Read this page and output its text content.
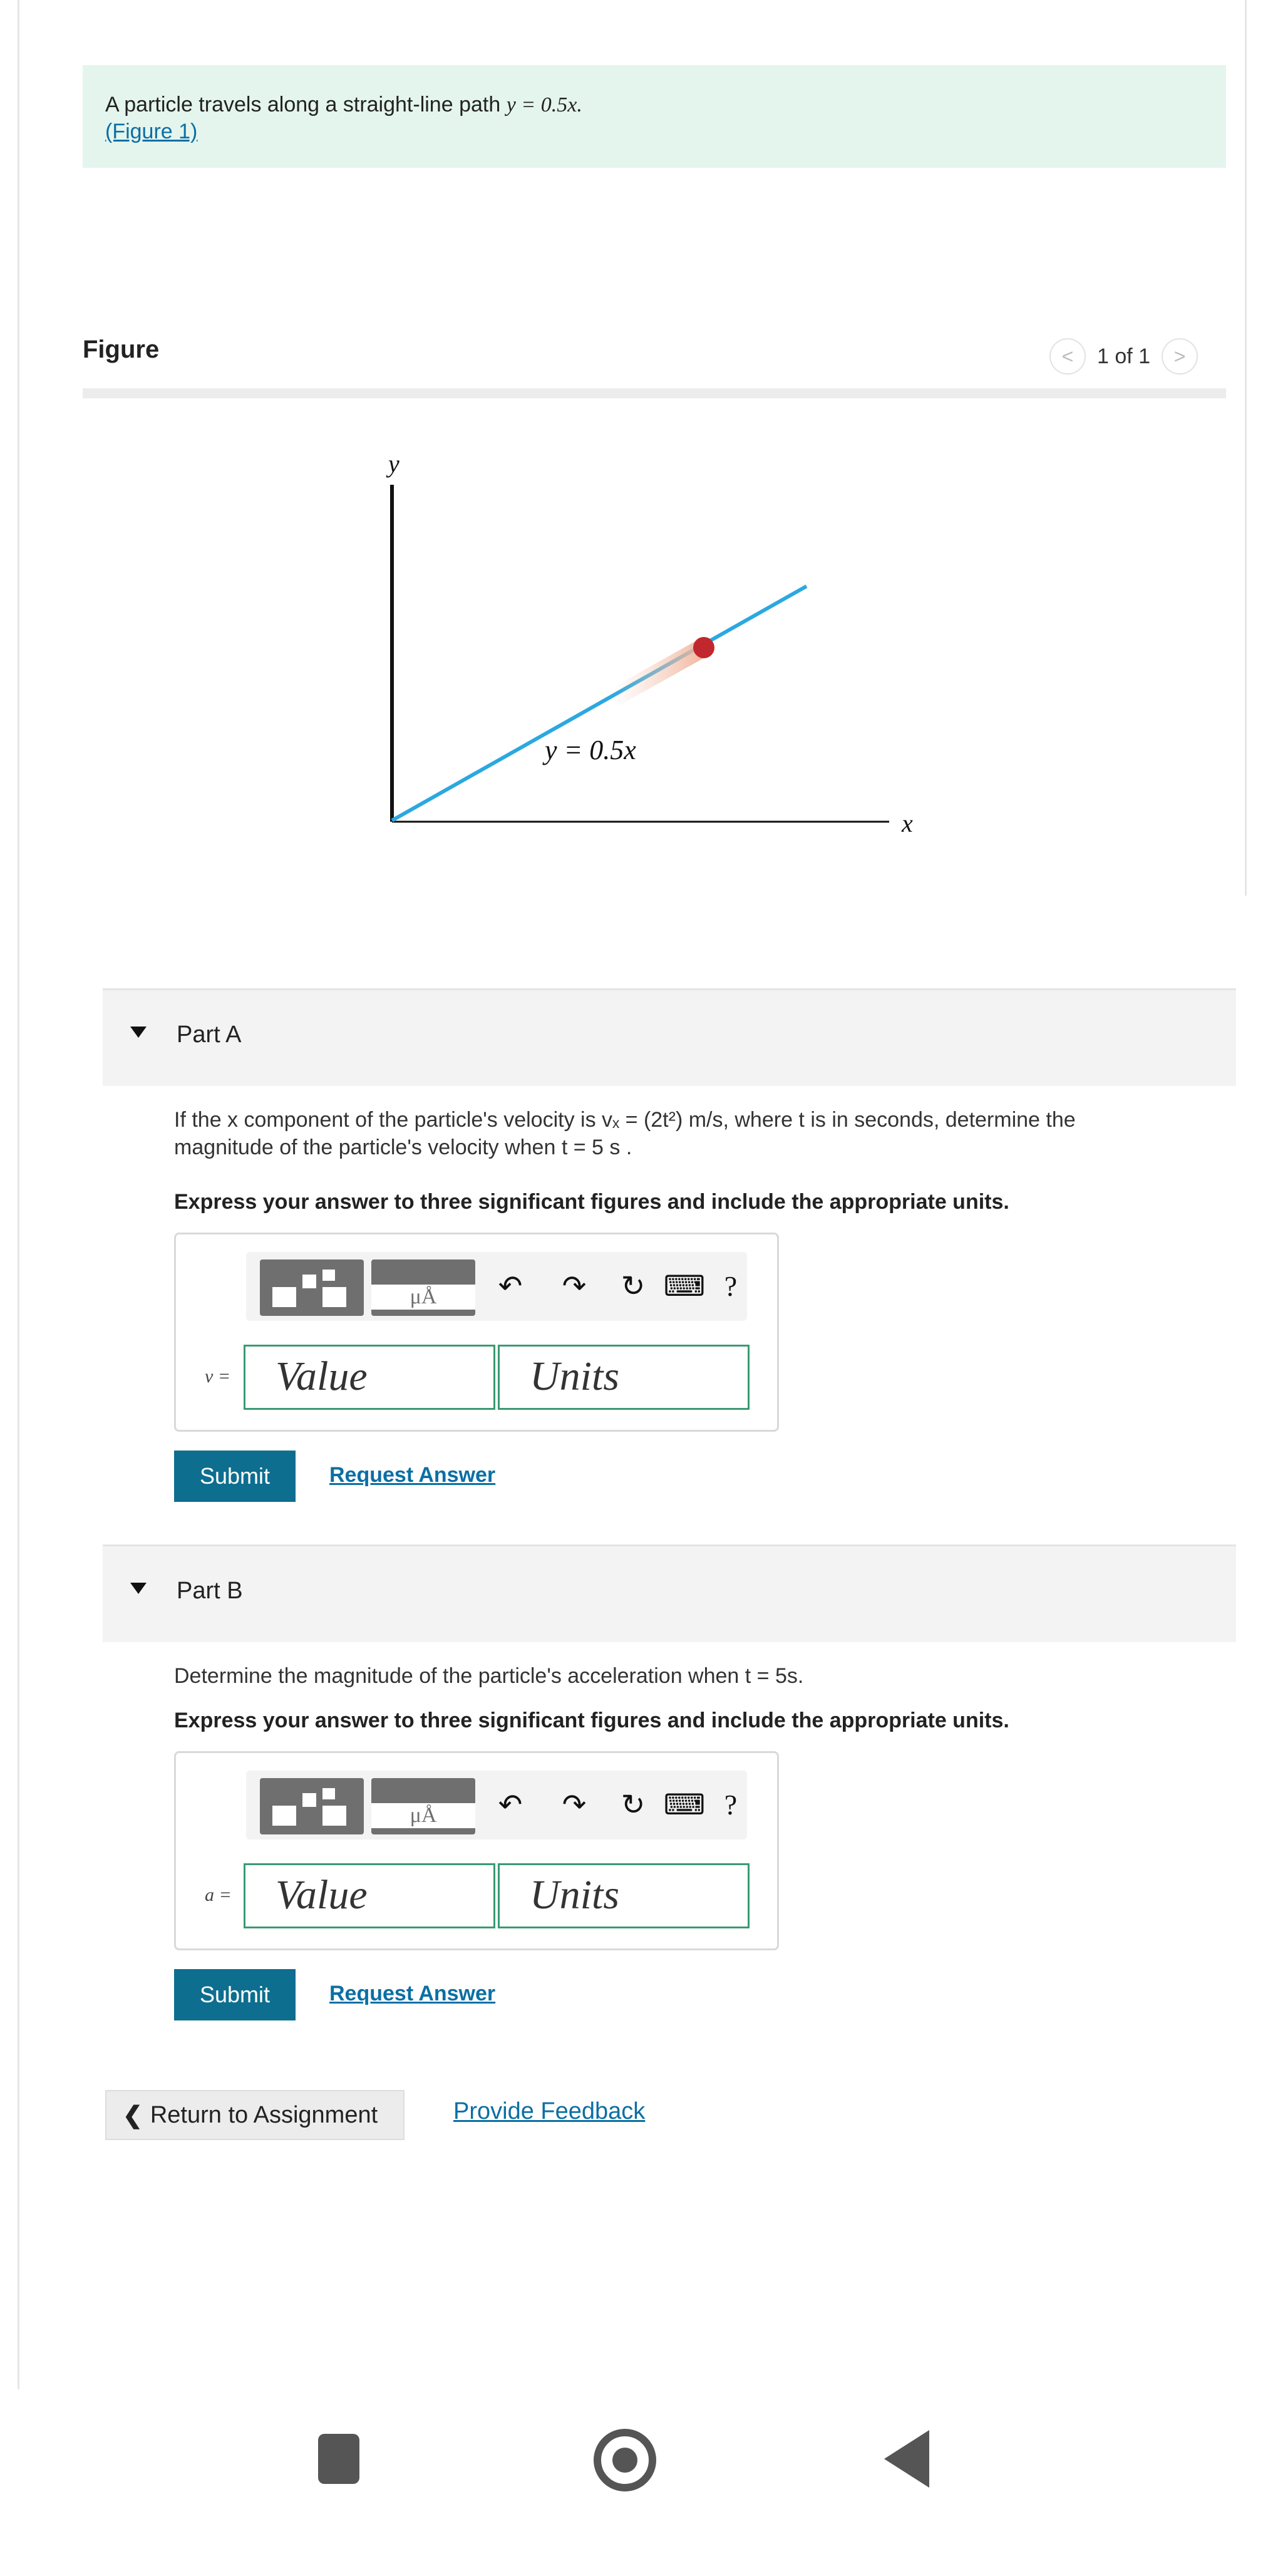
A particle travels along a straight-line path y = 0.5x.
(Figure 1)
Figure	<	1 of 1	>
y
x
y = 0.5x
Part A
If the x component of the particle's velocity is vₓ = (2t²) m/s, where t is in seconds, determine the
magnitude of the particle's velocity when t = 5 s .
Express your answer to three significant figures and include the appropriate units.
μÅ	↶ ↷ ↻ ⌨ ?
v =	Value	Units
Submit	Request Answer
Part B
Determine the magnitude of the particle's acceleration when t = 5s.
Express your answer to three significant figures and include the appropriate units.
μÅ	↶ ↷ ↻ ⌨ ?
a =	Value	Units
Submit	Request Answer
❮ Return to Assignment	Provide Feedback
